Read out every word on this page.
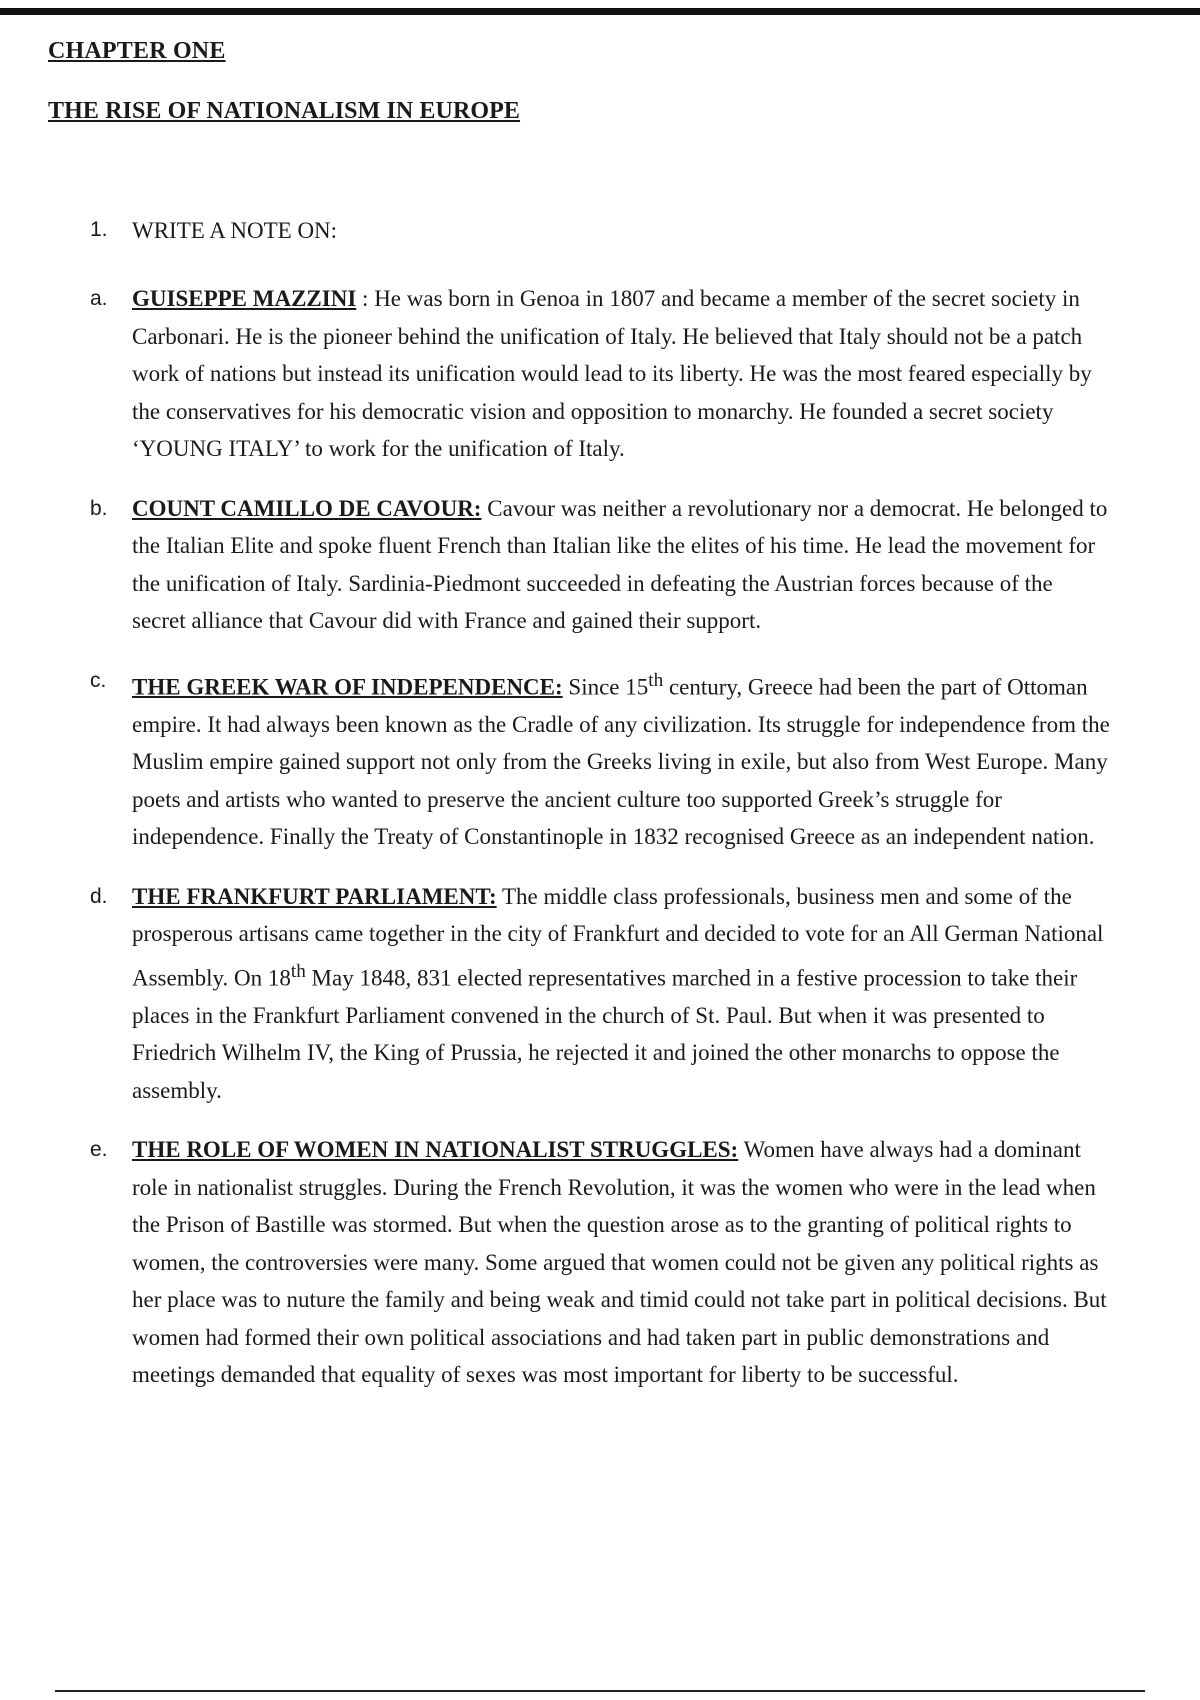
CHAPTER ONE
THE RISE OF NATIONALISM IN EUROPE
1.	WRITE A NOTE ON:
a.	GUISEPPE MAZZINI : He was born in Genoa in 1807 and became a member of the secret society in Carbonari. He is the pioneer behind the unification of Italy. He believed that Italy should not be a patch work of nations but instead its unification would lead to its liberty. He was the most feared especially by the conservatives for his democratic vision and opposition to monarchy. He founded a secret society ‘YOUNG ITALY’ to work for the unification of Italy.

b.	COUNT CAMILLO DE CAVOUR: Cavour was neither a revolutionary nor a democrat. He belonged to the Italian Elite and spoke fluent French than Italian like the elites of his time. He lead the movement for the unification of Italy. Sardinia-Piedmont succeeded in defeating the Austrian forces because of the secret alliance that Cavour did with France and gained their support.

c.	THE GREEK WAR OF INDEPENDENCE: Since 15th century, Greece had been the part of Ottoman empire. It had always been known as the Cradle of any civilization. Its struggle for independence from the Muslim empire gained support not only from the Greeks living in exile, but also from West Europe. Many poets and artists who wanted to preserve the ancient culture too supported Greek’s struggle for independence. Finally the Treaty of Constantinople in 1832 recognised Greece as an independent nation.

d.	THE FRANKFURT PARLIAMENT: The middle class professionals, business men and some of the prosperous artisans came together in the city of Frankfurt and decided to vote for an All German National Assembly. On 18th May 1848, 831 elected representatives marched in a festive procession to take their places in the Frankfurt Parliament convened in the church of St. Paul. But when it was presented to Friedrich Wilhelm IV, the King of Prussia, he rejected it and joined the other monarchs to oppose the assembly.

e.	THE ROLE OF WOMEN IN NATIONALIST STRUGGLES: Women have always had a dominant role in nationalist struggles. During the French Revolution, it was the women who were in the lead when the Prison of Bastille was stormed. But when the question arose as to the granting of political rights to women, the controversies were many. Some argued that women could not be given any political rights as her place was to nuture the family and being weak and timid could not take part in political decisions. But women had formed their own political associations and had taken part in public demonstrations and meetings demanded that equality of sexes was most important for liberty to be successful.
